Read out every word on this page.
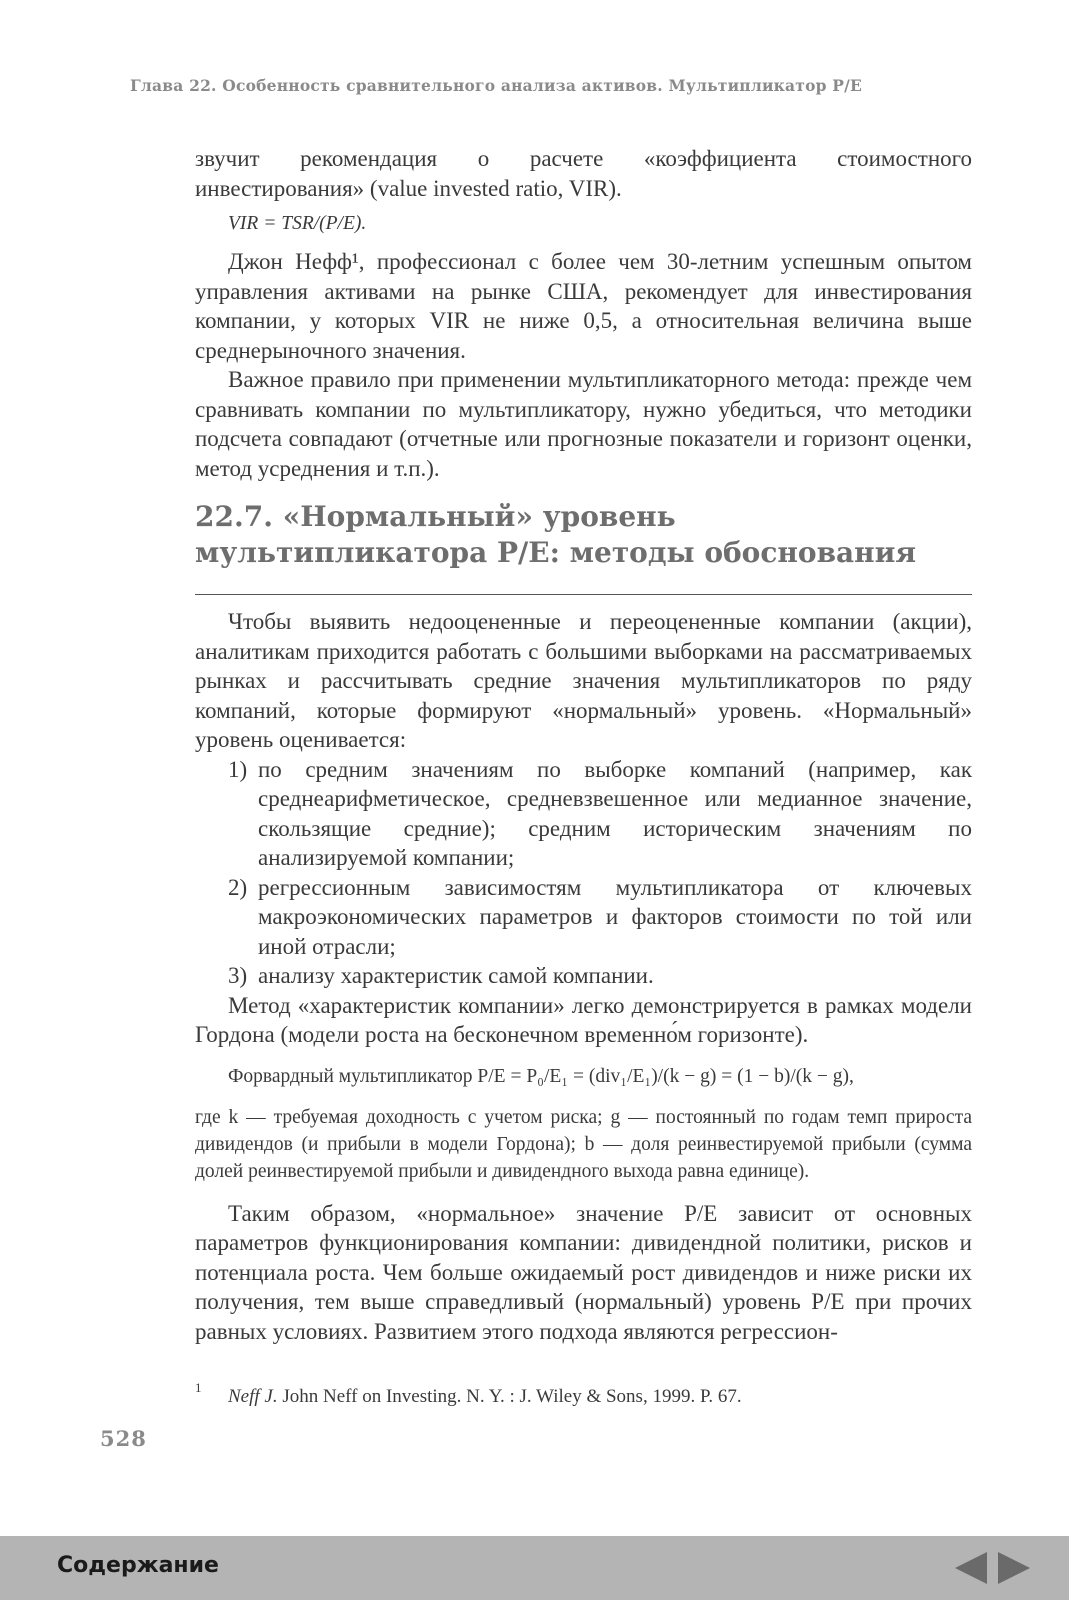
Глава 22. Особенность сравнительного анализа активов. Мультипликатор P/E

звучит рекомендация о расчете «коэффициента стоимостного инвестирования» (value invested ratio, VIR).

VIR = TSR/(P/E).

Джон Нефф¹, профессионал с более чем 30-летним успешным опытом управления активами на рынке США, рекомендует для инвестирования компании, у которых VIR не ниже 0,5, а относительная величина выше среднерыночного значения.

Важное правило при применении мультипликаторного метода: прежде чем сравнивать компании по мультипликатору, нужно убедиться, что методики подсчета совпадают (отчетные или прогнозные показатели и горизонт оценки, метод усреднения и т.п.).

22.7. «Нормальный» уровень мультипликатора P/E: методы обоснования

Чтобы выявить недооцененные и переоцененные компании (акции), аналитикам приходится работать с большими выборками на рассматриваемых рынках и рассчитывать средние значения мультипликаторов по ряду компаний, которые формируют «нормальный» уровень. «Нормальный» уровень оценивается:

1) по средним значениям по выборке компаний (например, как среднеарифметическое, средневзвешенное или медианное значение, скользящие средние); средним историческим значениям по анализируемой компании;
2) регрессионным зависимостям мультипликатора от ключевых макроэкономических параметров и факторов стоимости по той или иной отрасли;
3) анализу характеристик самой компании.

Метод «характеристик компании» легко демонстрируется в рамках модели Гордона (модели роста на бесконечном временно́м горизонте).

Форвардный мультипликатор P/E = P₀/E₁ = (div₁/E₁)/(k − g) = (1 − b)/(k − g),

где k — требуемая доходность с учетом риска; g — постоянный по годам темп прироста дивидендов (и прибыли в модели Гордона); b — доля реинвестируемой прибыли (сумма долей реинвестируемой прибыли и дивидендного выхода равна единице).

Таким образом, «нормальное» значение P/E зависит от основных параметров функционирования компании: дивидендной политики, рисков и потенциала роста. Чем больше ожидаемый рост дивидендов и ниже риски их получения, тем выше справедливый (нормальный) уровень P/E при прочих равных условиях. Развитием этого подхода являются регрессион-

1	Neff J. John Neff on Investing. N. Y. : J. Wiley & Sons, 1999. P. 67.
528
Содержание
